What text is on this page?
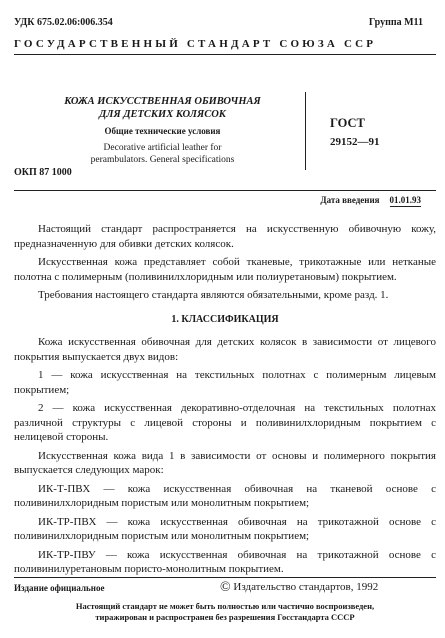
УДК 675.02.06:006.354	Группа М11
ГОСУДАРСТВЕННЫЙ СТАНДАРТ СОЮЗА ССР
КОЖА ИСКУССТВЕННАЯ ОБИВОЧНАЯ
ДЛЯ ДЕТСКИХ КОЛЯСОК
Общие технические условия
Decorative artificial leather for
perambulators. General specifications
ГОСТ
29152—91
ОКП 87 1000
Дата введения 01.01.93

Настоящий стандарт распространяется на искусственную обивочную кожу, предназначенную для обивки детских колясок.

Искусственная кожа представляет собой тканевые, трикотажные или нетканые полотна с полимерным (поливинилхлоридным или полиуретановым) покрытием.

Требования настоящего стандарта являются обязательными, кроме разд. 1.

1. КЛАССИФИКАЦИЯ

Кожа искусственная обивочная для детских колясок в зависимости от лицевого покрытия выпускается двух видов:

1 — кожа искусственная на текстильных полотнах с полимерным лицевым покрытием;

2 — кожа искусственная декоративно-отделочная на текстильных полотнах различной структуры с лицевой стороны и поливинилхлоридным покрытием с нелицевой стороны.

Искусственная кожа вида 1 в зависимости от основы и полимерного покрытия выпускается следующих марок:

ИК-Т-ПВХ — кожа искусственная обивочная на тканевой основе с поливинилхлоридным пористым или монолитным покрытием;

ИК-ТР-ПВХ — кожа искусственная обивочная на трикотажной основе с поливинилхлоридным пористым или монолитным покрытием;

ИК-ТР-ПВУ — кожа искусственная обивочная на трикотажной основе с поливинилуретановым пористо-монолитным покрытием.

Издание официальное	© Издательство стандартов, 1992
Настоящий стандарт не может быть полностью или частично воспроизведен,
тиражирован и распространен без разрешения Госстандарта СССР
